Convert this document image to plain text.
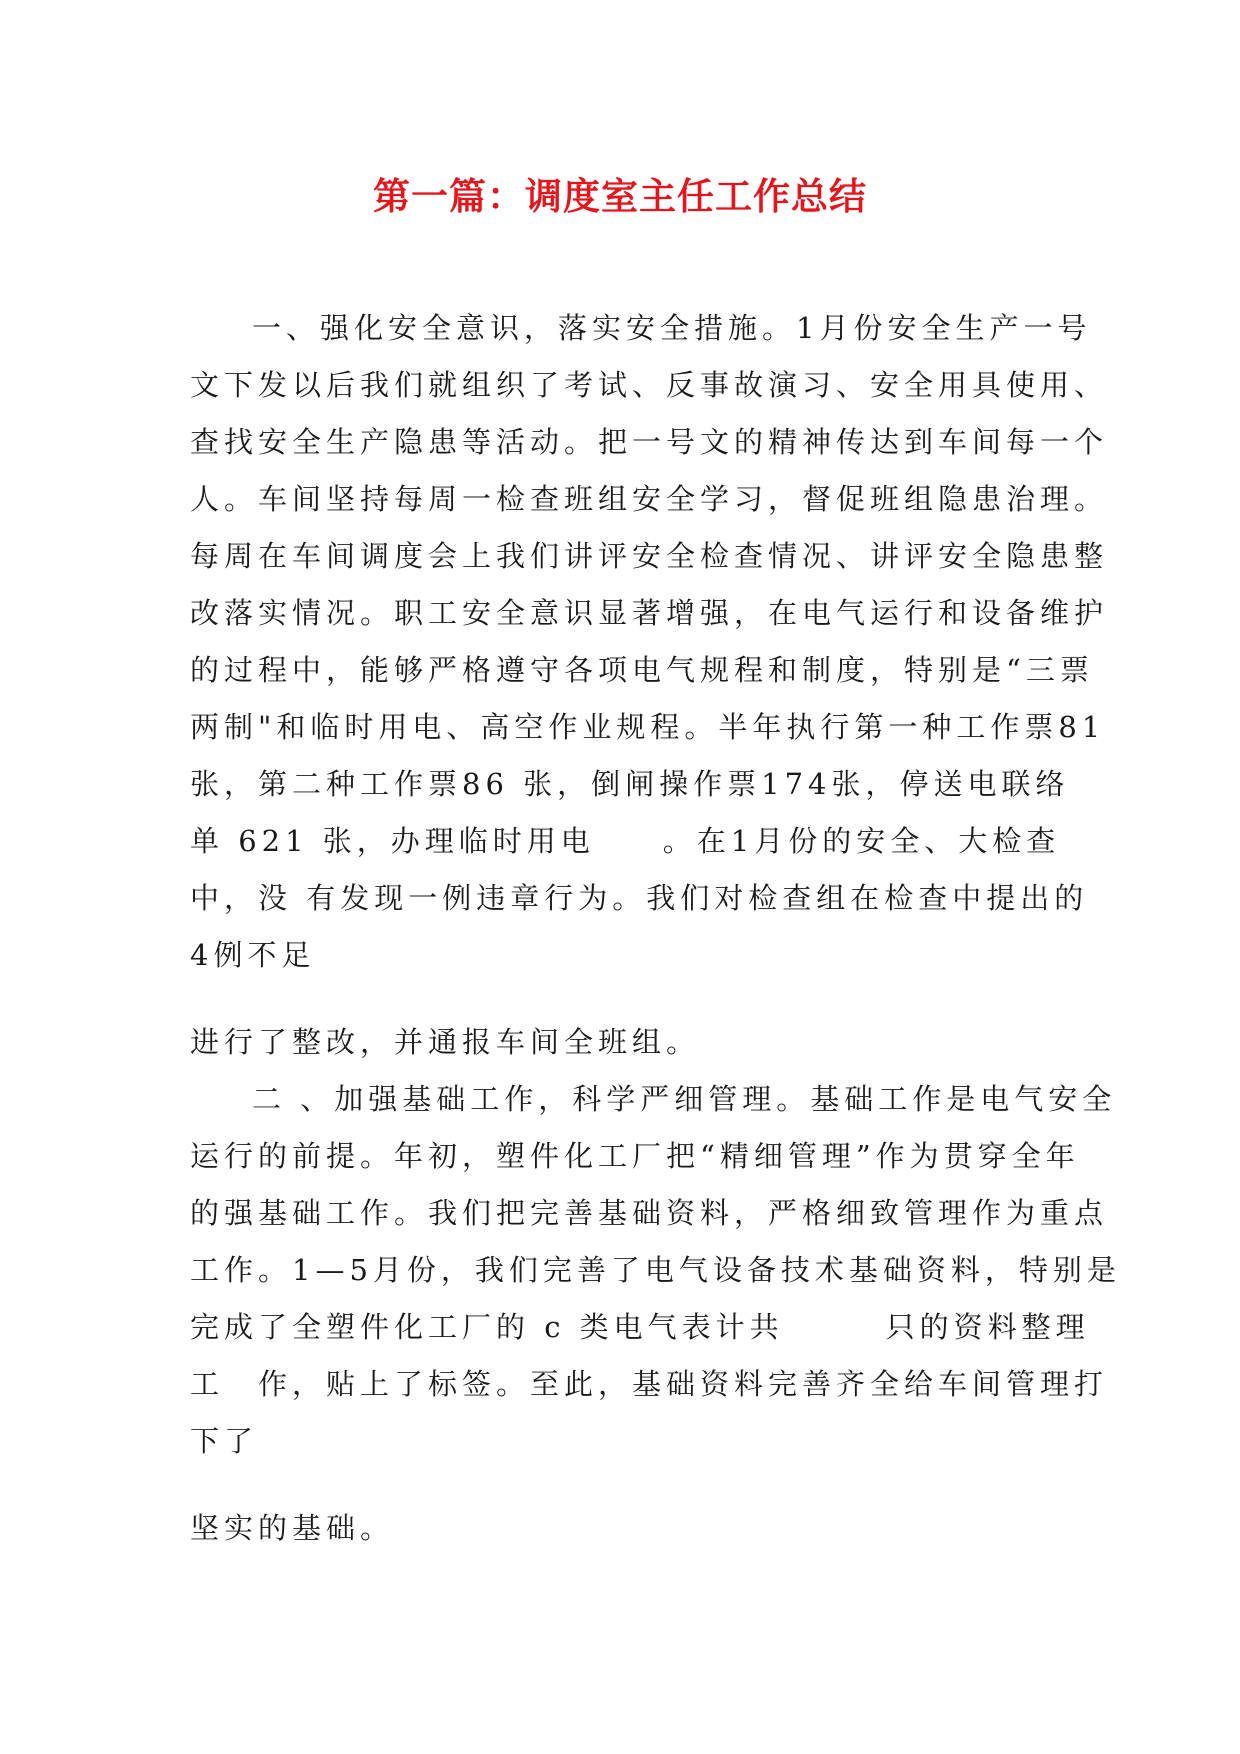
第一篇：调度室主任工作总结
一、强化安全意识，落实安全措施。1月份安全生产一号
文下发以后我们就组织了考试、反事故演习、安全用具使用、
查找安全生产隐患等活动。把一号文的精神传达到车间每一个
人。车间坚持每周一检查班组安全学习，督促班组隐患治理。
每周在车间调度会上我们讲评安全检查情况、讲评安全隐患整
改落实情况。职工安全意识显著增强，在电气运行和设备维护
的过程中，能够严格遵守各项电气规程和制度，特别是“三票
两制"和临时用电、高空作业规程。半年执行第一种工作票81
张，第二种工作票86 张，倒闸操作票174张，停送电联络
单 621 张，办理临时用电　　。在1月份的安全、大检查
中，没 有发现一例违章行为。我们对检查组在检查中提出的
4例不足
进行了整改，并通报车间全班组。
二 、加强基础工作，科学严细管理。基础工作是电气安全
运行的前提。年初，塑件化工厂把“精细管理”作为贯穿全年
的强基础工作。我们把完善基础资料，严格细致管理作为重点
工作。1—5月份，我们完善了电气设备技术基础资料，特别是
完成了全塑件化工厂的 c 类电气表计共　　　只的资料整理
工　作，贴上了标签。至此，基础资料完善齐全给车间管理打
下了
坚实的基础。
